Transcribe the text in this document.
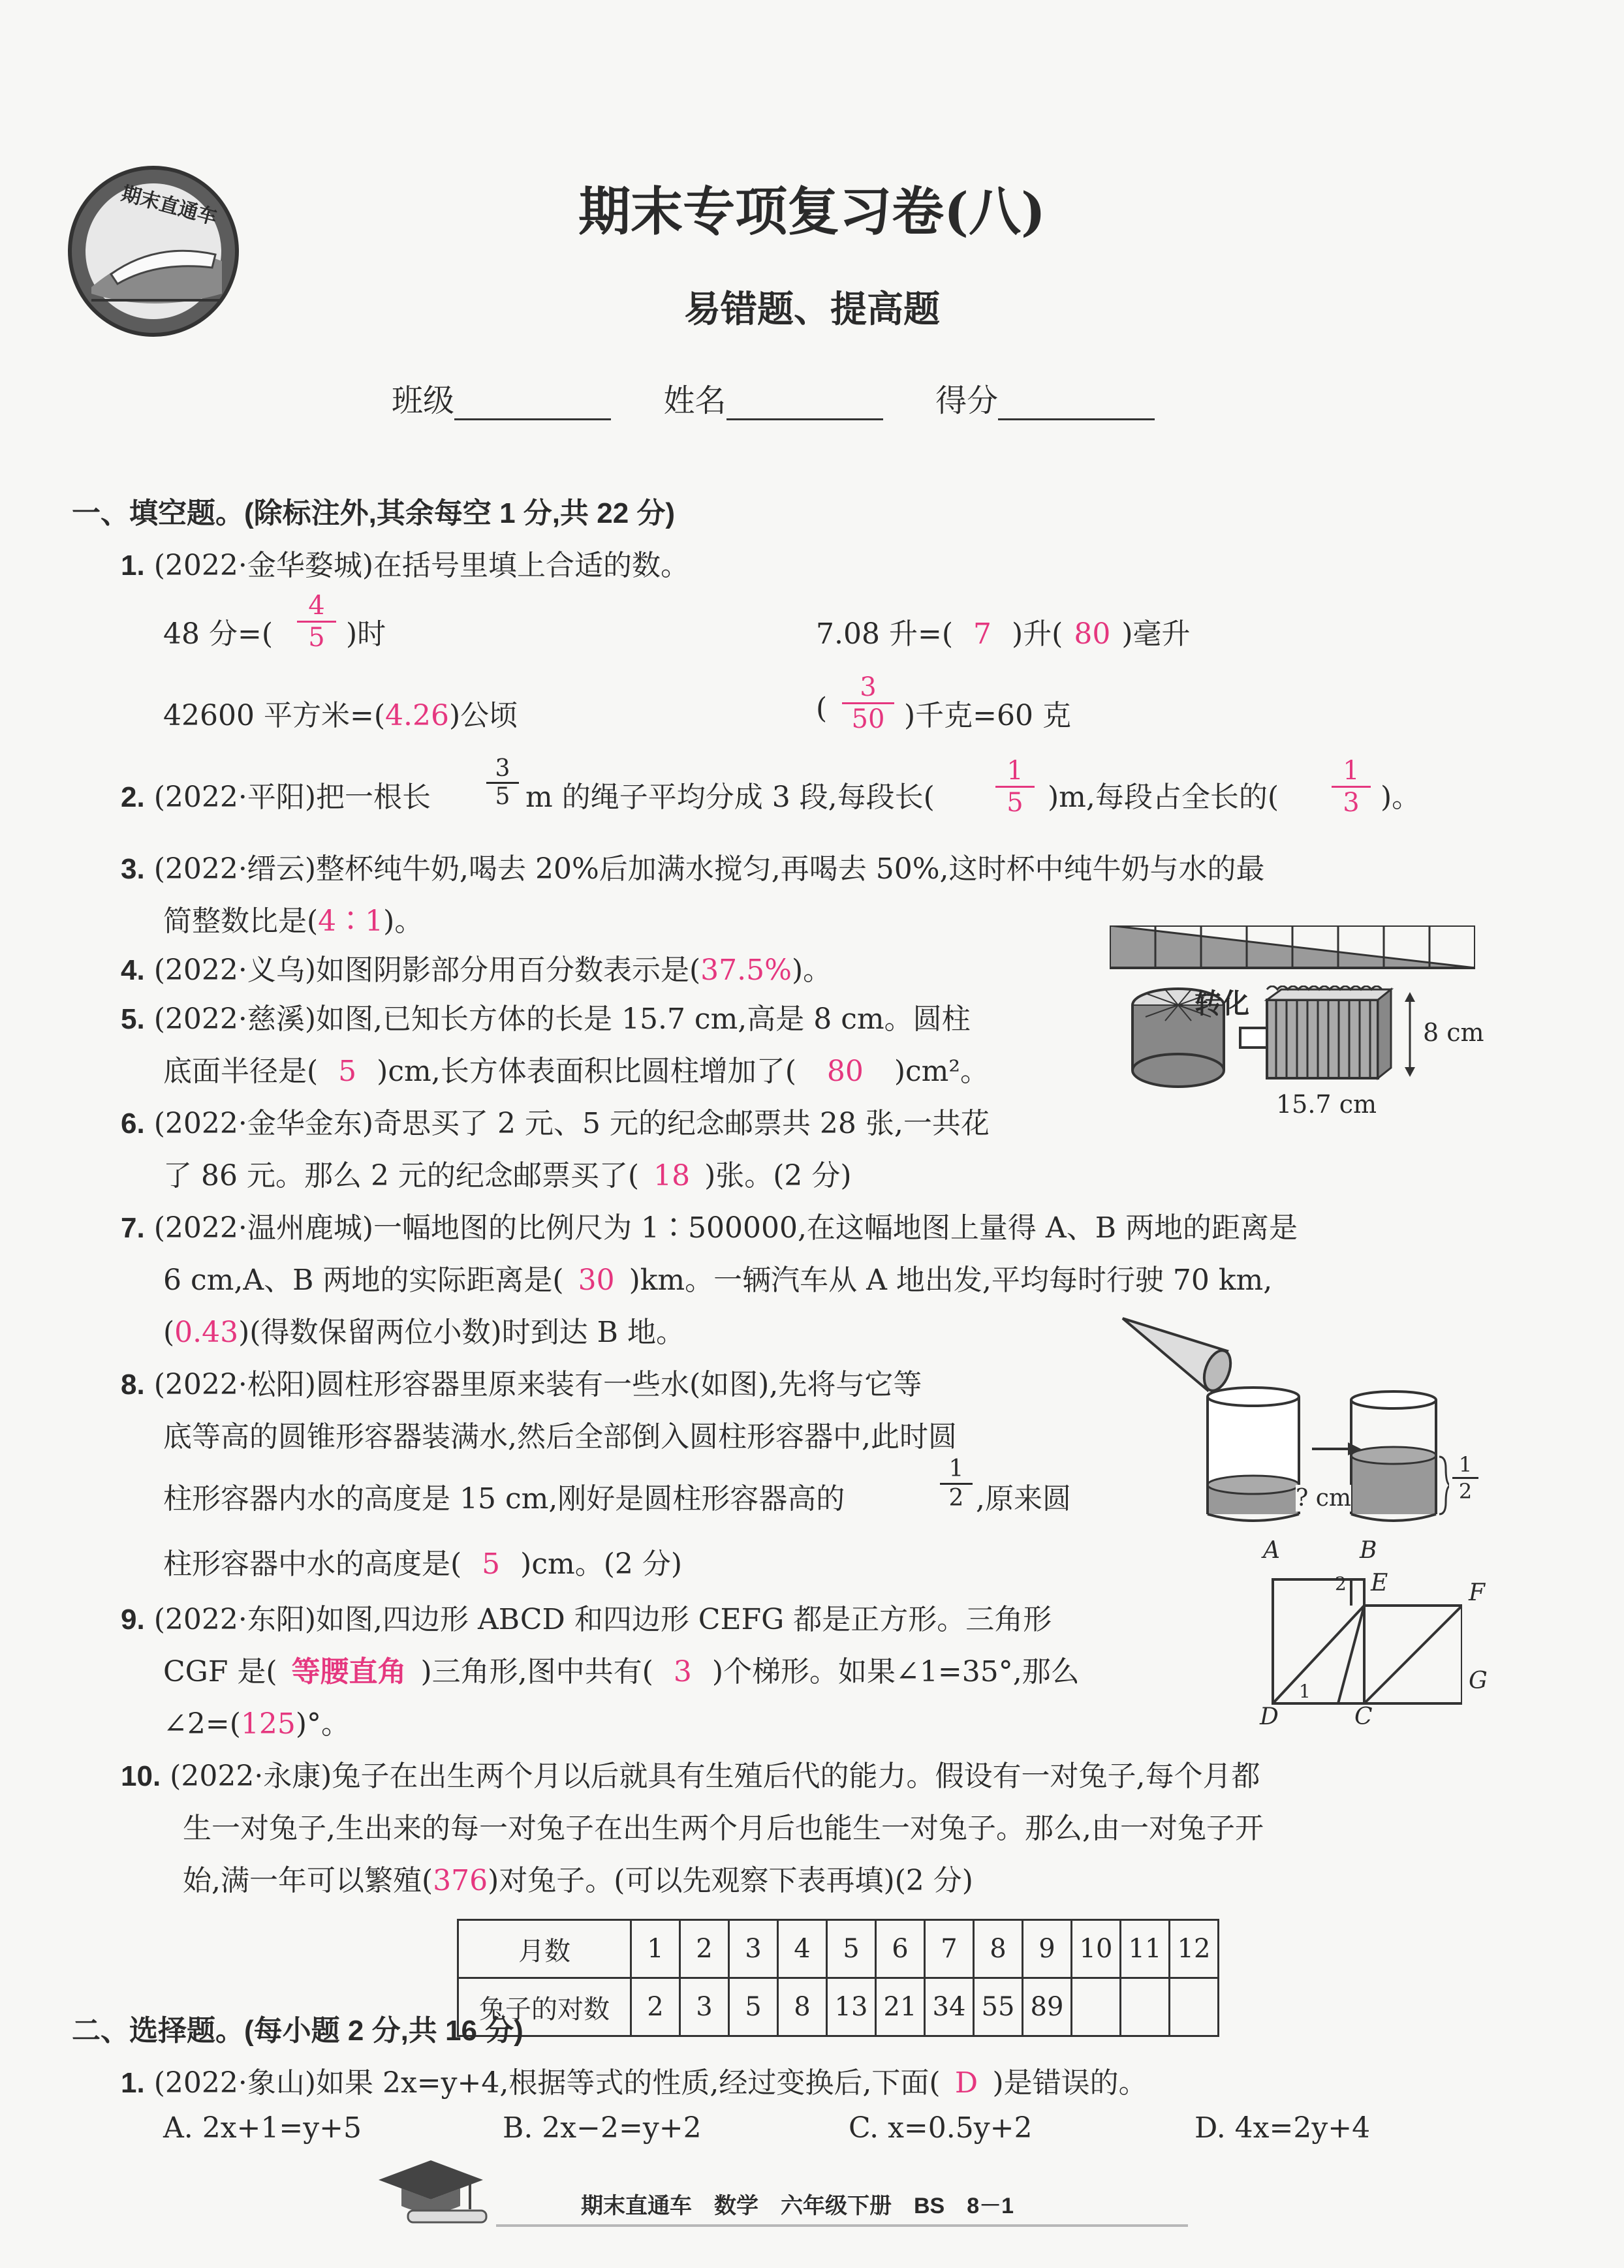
期末直通车	期末专项复习卷(八)
易错题、提高题
班级	姓名	得分
一、填空题。(除标注外,其余每空 1 分,共 22 分)
1. (2022·金华婺城)在括号里填上合适的数。
48 分=( $\frac{4}{5}$ )时	7.08 升=( 7 )升( 80 )毫升
42600 平方米=(4.26)公顷	( $\frac{3}{50}$ )千克=60 克
2. (2022·平阳)把一根长 $\frac{3}{5}$ m 的绳子平均分成 3 段,每段长( $\frac{1}{5} )m$,每段占全长的( $\frac{1}{3}$ )。
3. (2022·缙云)整杯纯牛奶,喝去 20%后加满水搅匀,再喝去 50%,这时杯中纯牛奶与水的最
简整数比是(4∶1)。
4. (2022·义乌)如图阴影部分用百分数表示是(37.5%)。
5. (2022·慈溪)如图,已知长方体的长是 15.7 cm,高是 8 cm。圆柱
底面半径是( 5 )cm,长方体表面积比圆柱增加了( 80 )cm²。
转化
8 cm
15.7 cm
6. (2022·金华金东)奇思买了 2 元、5 元的纪念邮票共 28 张,一共花
了 86 元。那么 2 元的纪念邮票买了( 18 )张。(2 分)
7. (2022·温州鹿城)一幅地图的比例尺为 1∶500000,在这幅地图上量得 A、B 两地的距离是
6 cm,A、B 两地的实际距离是( 30 )km。一辆汽车从 A 地出发,平均每时行驶 70 km,
(0.43)(得数保留两位小数)时到达 B 地。
8. (2022·松阳)圆柱形容器里原来装有一些水(如图),先将与它等
底等高的圆锥形容器装满水,然后全部倒入圆柱形容器中,此时圆
柱形容器内水的高度是 15 cm,刚好是圆柱形容器高的	$\frac{1}{2}$ ,原来圆
柱形容器中水的高度是( 5 )cm。(2 分)
? cm	$\frac{1}{2}$
9. (2022·东阳)如图,四边形 ABCD 和四边形 CEFG 都是正方形。三角形
CGF 是( 等腰直角 )三角形,图中共有( 3 )个梯形。如果∠1=35°,那么
∠2=(125)°。
A	B
E	F
G
C
D
1
2
10. (2022·永康)兔子在出生两个月以后就具有生殖后代的能力。假设有一对兔子,每个月都
生一对兔子,生出来的每一对兔子在出生两个月后也能生一对兔子。那么,由一对兔子开
始,满一年可以繁殖(376)对兔子。(可以先观察下表再填)(2 分)
月数	1	2	3	4	5	6	7	8	9	10	11	12
兔子的对数	2	3	5	8	13	21	34	55	89			
二、选择题。(每小题 2 分,共 16 分)
1. (2022·象山)如果 2x=y+4,根据等式的性质,经过变换后,下面( D )是错误的。
A. 2x+1=y+5	B. 2x−2=y+2	C. x=0.5y+2	D. 4x=2y+4
期末直通车　数学　六年级下册　BS　8－1
